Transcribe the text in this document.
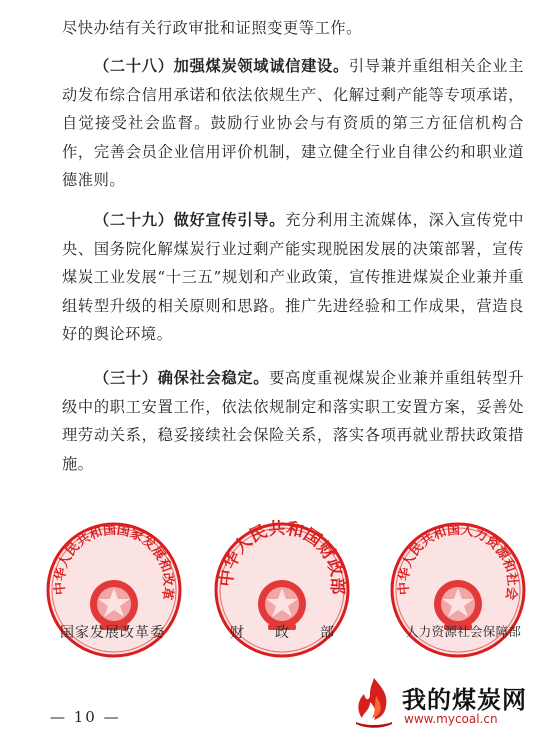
尽快办结有关行政审批和证照变更等工作。

（二十八）加强煤炭领域诚信建设。引导兼并重组相关企业主动发布综合信用承诺和依法依规生产、化解过剩产能等专项承诺，自觉接受社会监督。鼓励行业协会与有资质的第三方征信机构合作，完善会员企业信用评价机制，建立健全行业自律公约和职业道德准则。

（二十九）做好宣传引导。充分利用主流媒体，深入宣传党中央、国务院化解煤炭行业过剩产能实现脱困发展的决策部署，宣传煤炭工业发展“十三五”规划和产业政策，宣传推进煤炭企业兼并重组转型升级的相关原则和思路。推广先进经验和工作成果，营造良好的舆论环境。

（三十）确保社会稳定。要高度重视煤炭企业兼并重组转型升级中的职工安置工作，依法依规制定和落实职工安置方案，妥善处理劳动关系，稳妥接续社会保险关系，落实各项再就业帮扶政策措施。

中华人民共和国国家发展和改革
国家发展改革委
中华人民共和国财政部
财　　政　　部
中华人民共和国人力资源和社会
人力资源社会保障部
— 10 —
我的煤炭网
www.mycoal.cn
